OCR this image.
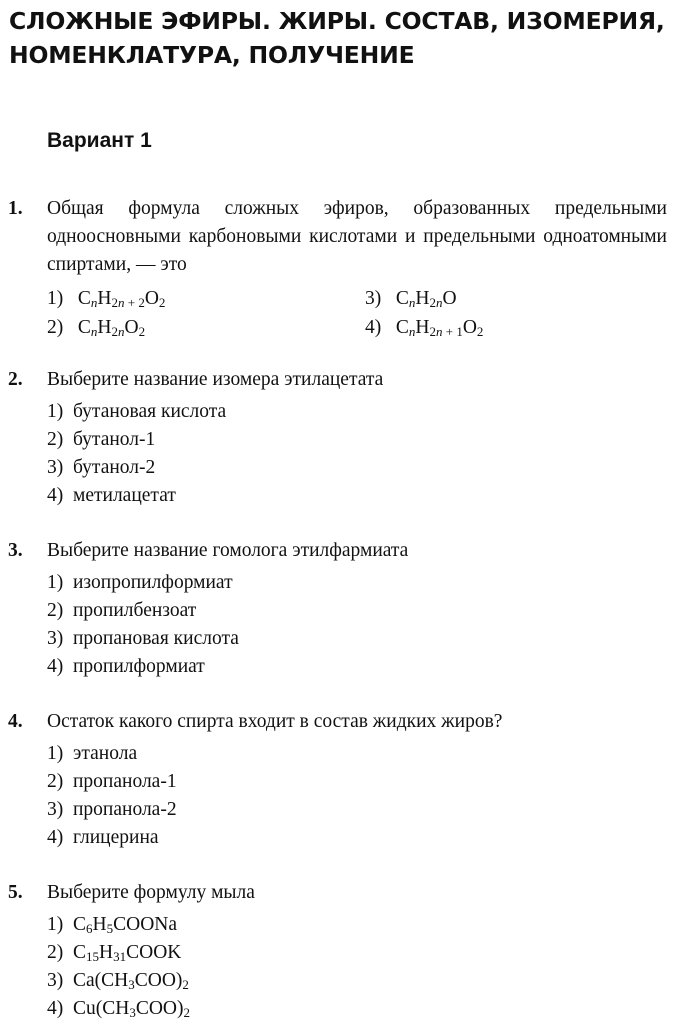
СЛОЖНЫЕ ЭФИРЫ. ЖИРЫ. СОСТАВ, ИЗОМЕРИЯ, НОМЕНКЛАТУРА, ПОЛУЧЕНИЕ
Вариант 1
1. Общая формула сложных эфиров, образованных предельными одноосновными карбоновыми кислотами и предельными одноатомными спиртами, — это
1) $C_nH_{2n + 2}O_2$
2) $C_nH_{2n}O_2$
3) $C_nH_{2n}O$
4) $C_nH_{2n + 1}O_2$
2. Выберите название изомера этилацетата
1) бутановая кислота
2) бутанол-1
3) бутанол-2
4) метилацетат
3. Выберите название гомолога этилфармиата
1) изопропилформиат
2) пропилбензоат
3) пропановая кислота
4) пропилформиат
4. Остаток какого спирта входит в состав жидких жиров?
1) этанола
2) пропанола-1
3) пропанола-2
4) глицерина
5. Выберите формулу мыла
1) $C_6H_5COONa$
2) $C_{15}H_{31}COOK$
3) $Ca(CH_3COO)_2$
4) $Cu(CH_3COO)_2$
